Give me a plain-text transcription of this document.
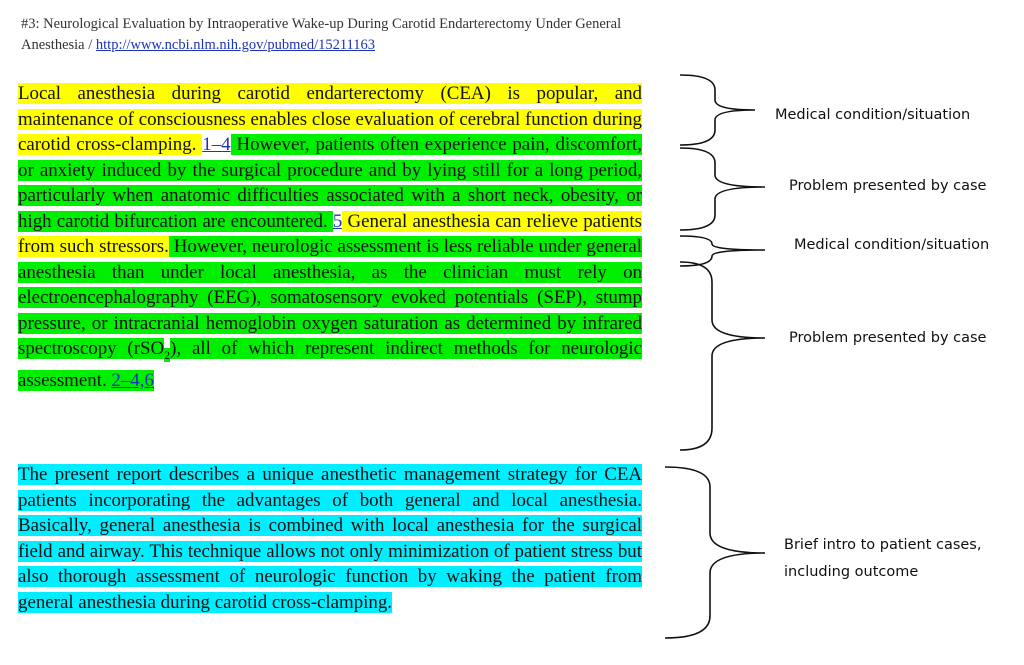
#3: Neurological Evaluation by Intraoperative Wake-up During Carotid Endarterectomy Under General Anesthesia / http://www.ncbi.nlm.nih.gov/pubmed/15211163
Local anesthesia during carotid endarterectomy (CEA) is popular, and maintenance of consciousness enables close evaluation of cerebral function during carotid cross-clamping. 1–4 However, patients often experience pain, discomfort, or anxiety induced by the surgical procedure and by lying still for a long period, particularly when anatomic difficulties associated with a short neck, obesity, or high carotid bifurcation are encountered. 5 General anesthesia can relieve patients from such stressors. However, neurologic assessment is less reliable under general anesthesia than under local anesthesia, as the clinician must rely on electroencephalography (EEG), somatosensory evoked potentials (SEP), stump pressure, or intracranial hemoglobin oxygen saturation as determined by infrared spectroscopy (rSO$_2$), all of which represent indirect methods for neurologic assessment. 2–4,6
The present report describes a unique anesthetic management strategy for CEA patients incorporating the advantages of both general and local anesthesia. Basically, general anesthesia is combined with local anesthesia for the surgical field and airway. This technique allows not only minimization of patient stress but also thorough assessment of neurologic function by waking the patient from general anesthesia during carotid cross-clamping.
Medical condition/situation
Problem presented by case
Medical condition/situation
Problem presented by case
Brief intro to patient cases,
including outcome
